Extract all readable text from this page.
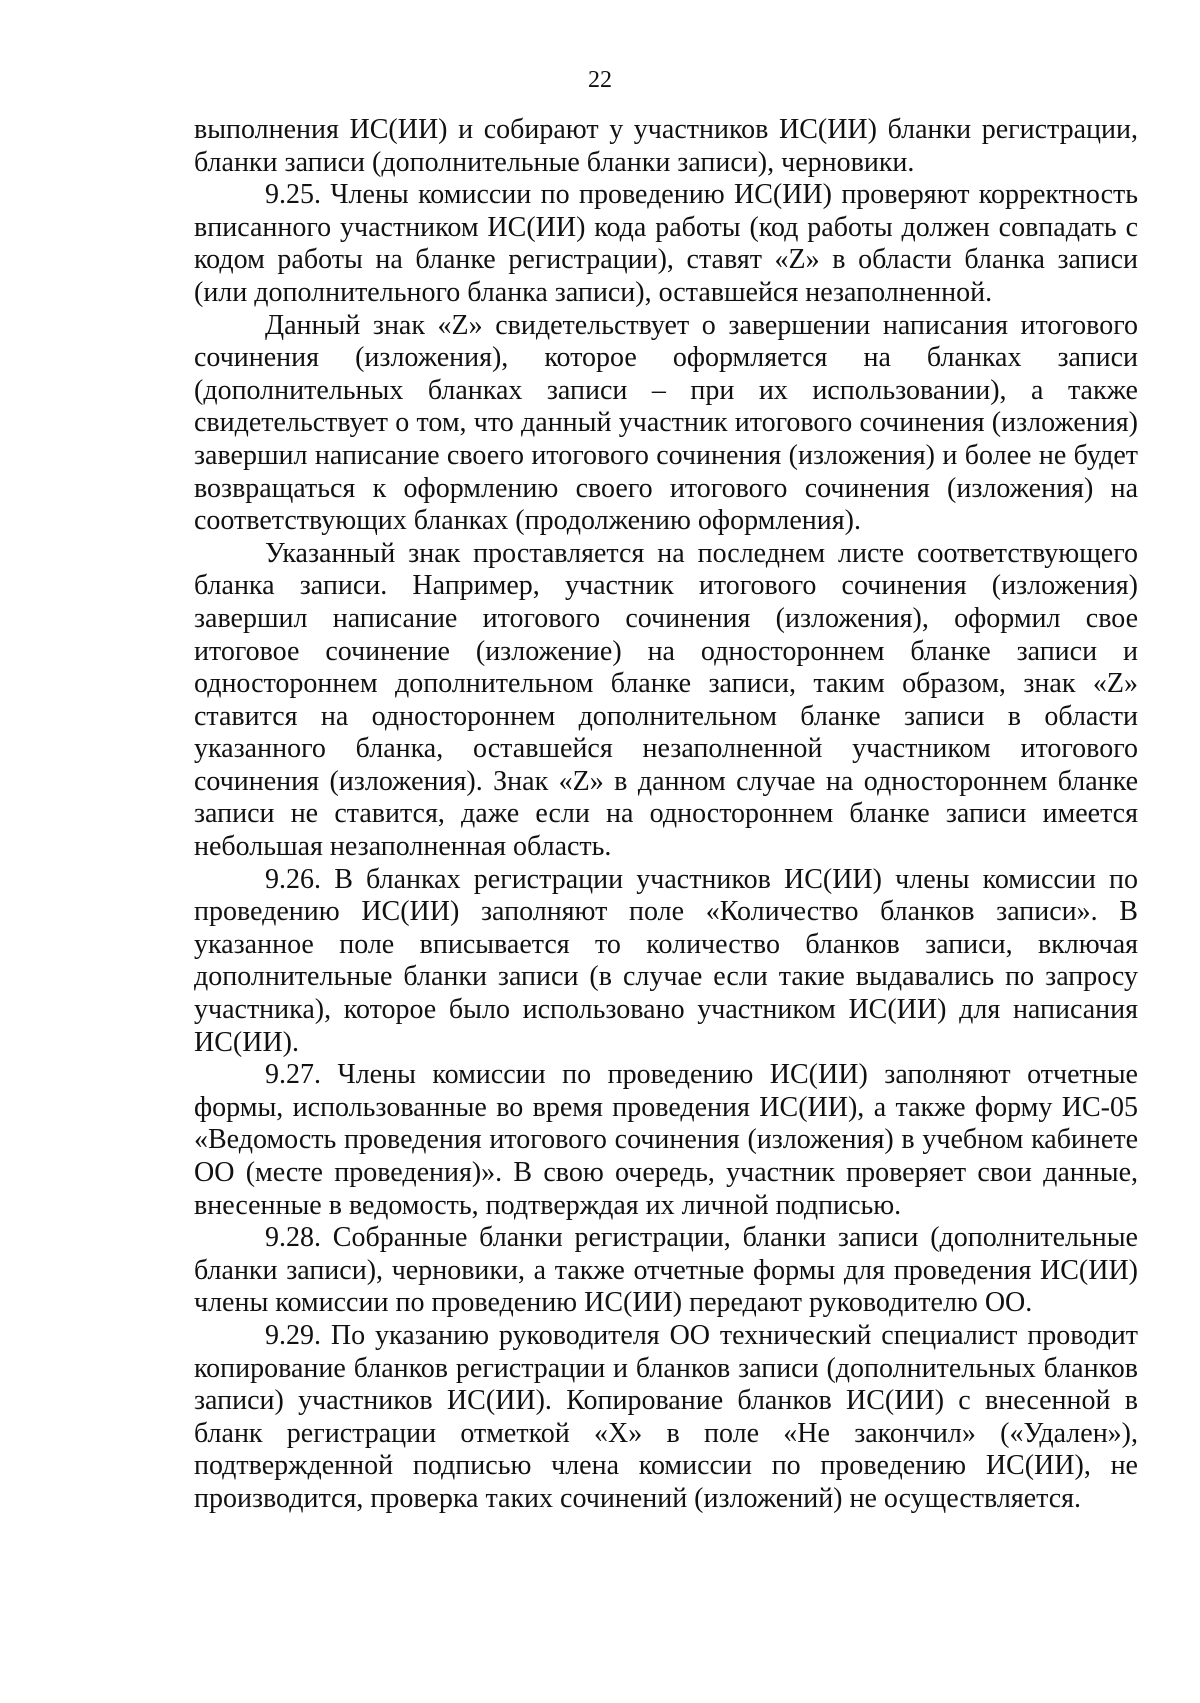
22

выполнения ИС(ИИ) и собирают у участников ИС(ИИ) бланки регистрации, бланки записи (дополнительные бланки записи), черновики.

9.25. Члены комиссии по проведению ИС(ИИ) проверяют корректность вписанного участником ИС(ИИ) кода работы (код работы должен совпадать с кодом работы на бланке регистрации), ставят «Z» в области бланка записи (или дополнительного бланка записи), оставшейся незаполненной.

Данный знак «Z» свидетельствует о завершении написания итогового сочинения (изложения), которое оформляется на бланках записи (дополнительных бланках записи – при их использовании), а также свидетельствует о том, что данный участник итогового сочинения (изложения) завершил написание своего итогового сочинения (изложения) и более не будет возвращаться к оформлению своего итогового сочинения (изложения) на соответствующих бланках (продолжению оформления).

Указанный знак проставляется на последнем листе соответствующего бланка записи. Например, участник итогового сочинения (изложения) завершил написание итогового сочинения (изложения), оформил свое итоговое сочинение (изложение) на одностороннем бланке записи и одностороннем дополнительном бланке записи, таким образом, знак «Z» ставится на одностороннем дополнительном бланке записи в области указанного бланка, оставшейся незаполненной участником итогового сочинения (изложения). Знак «Z» в данном случае на одностороннем бланке записи не ставится, даже если на одностороннем бланке записи имеется небольшая незаполненная область.

9.26. В бланках регистрации участников ИС(ИИ) члены комиссии по проведению ИС(ИИ) заполняют поле «Количество бланков записи». В указанное поле вписывается то количество бланков записи, включая дополнительные бланки записи (в случае если такие выдавались по запросу участника), которое было использовано участником ИС(ИИ) для написания ИС(ИИ).

9.27. Члены комиссии по проведению ИС(ИИ) заполняют отчетные формы, использованные во время проведения ИС(ИИ), а также форму ИС-05 «Ведомость проведения итогового сочинения (изложения) в учебном кабинете ОО (месте проведения)». В свою очередь, участник проверяет свои данные, внесенные в ведомость, подтверждая их личной подписью.

9.28. Собранные бланки регистрации, бланки записи (дополнительные бланки записи), черновики, а также отчетные формы для проведения ИС(ИИ) члены комиссии по проведению ИС(ИИ) передают руководителю ОО.

9.29. По указанию руководителя ОО технический специалист проводит копирование бланков регистрации и бланков записи (дополнительных бланков записи) участников ИС(ИИ). Копирование бланков ИС(ИИ) с внесенной в бланк регистрации отметкой «X» в поле «Не закончил» («Удален»), подтвержденной подписью члена комиссии по проведению ИС(ИИ), не производится, проверка таких сочинений (изложений) не осуществляется.
